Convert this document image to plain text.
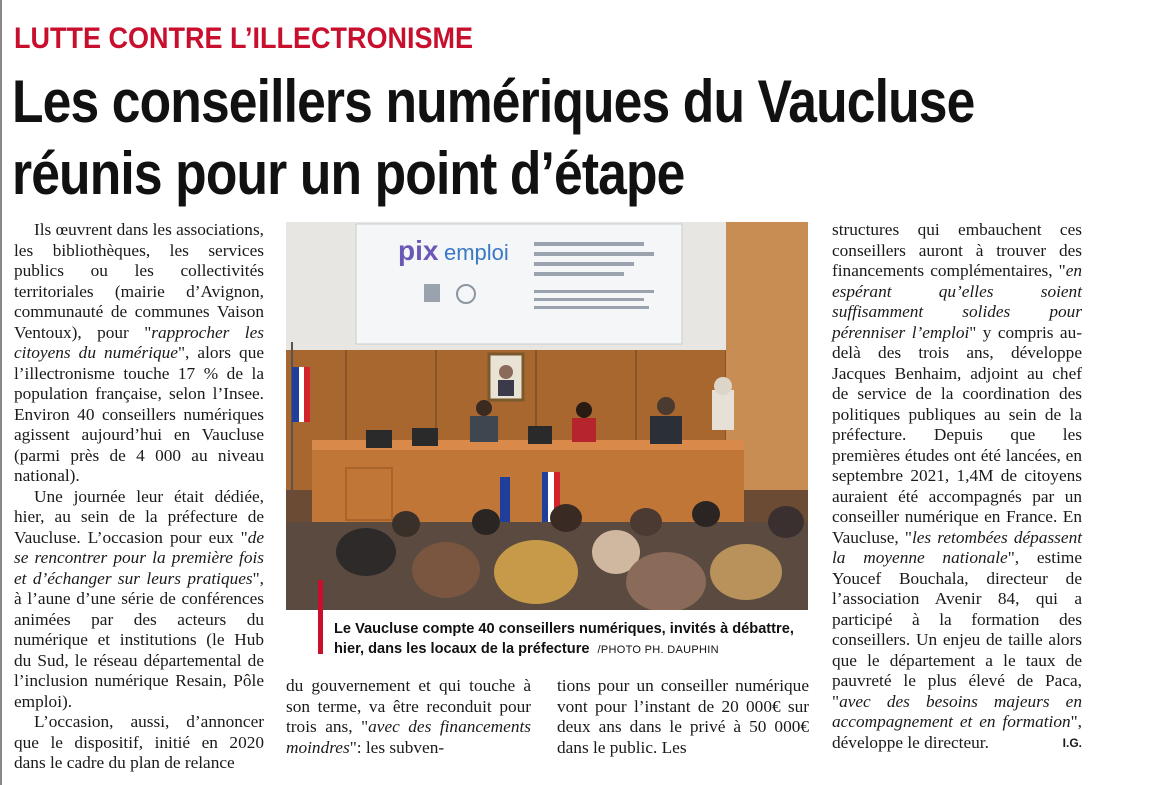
LUTTE CONTRE L’ILLECTRONISME
Les conseillers numériques du Vaucluse
réunis pour un point d’étape

Ils œuvrent dans les associations, les bibliothèques, les services publics ou les collectivités territoriales (mairie d’Avignon, communauté de communes Vaison Ventoux), pour "rapprocher les citoyens du numérique", alors que l’illectronisme touche 17 % de la population française, selon l’Insee. Environ 40 conseillers numériques agissent aujourd’hui en Vaucluse (parmi près de 4 000 au niveau national).

Une journée leur était dédiée, hier, au sein de la préfecture de Vaucluse. L’occasion pour eux "de se rencontrer pour la première fois et d’échanger sur leurs pratiques", à l’aune d’une série de conférences animées par des acteurs du numérique et institutions (le Hub du Sud, le réseau départemental de l’inclusion numérique Resain, Pôle emploi).

L’occasion, aussi, d’annoncer que le dispositif, initié en 2020 dans le cadre du plan de relance

pix emploi
Le Vaucluse compte 40 conseillers numériques, invités à débattre, hier, dans les locaux de la préfecture /PHOTO PH. DAUPHIN

du gouvernement et qui touche à son terme, va être reconduit pour trois ans, "avec des financements moindres": les subven-

tions pour un conseiller numérique vont pour l’instant de 20 000€ sur deux ans dans le privé à 50 000€ dans le public. Les

structures qui embauchent ces conseillers auront à trouver des financements complémentaires, "en espérant qu’elles soient suffisamment solides pour pérenniser l’emploi" y compris au-delà des trois ans, développe Jacques Benhaim, adjoint au chef de service de la coordination des politiques publiques au sein de la préfecture. Depuis que les premières études ont été lancées, en septembre 2021, 1,4M de citoyens auraient été accompagnés par un conseiller numérique en France. En Vaucluse, "les retombées dépassent la moyenne nationale", estime Youcef Bouchala, directeur de l’association Avenir 84, qui a participé à la formation des conseillers. Un enjeu de taille alors que le département a le taux de pauvreté le plus élevé de Paca, "avec des besoins majeurs en accompagnement et en formation", développe le directeur.	I.G.
